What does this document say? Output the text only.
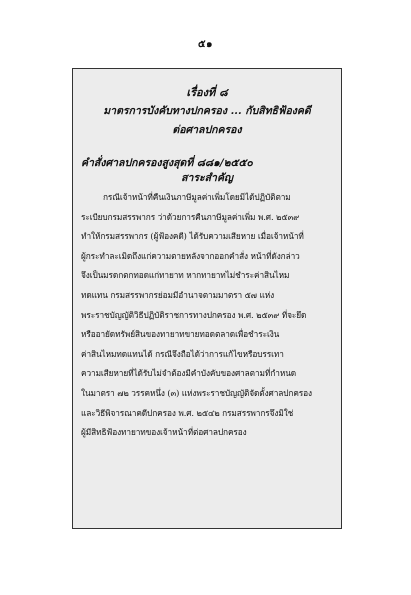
๕๑
เรื่องที่ ๘
มาตรการบังคับทางปกครอง ... กับสิทธิฟ้องคดี
ต่อศาลปกครอง
คำสั่งศาลปกครองสูงสุดที่ ๘๘๑/๒๕๕๐
สาระสำคัญ
กรณีเจ้าหน้าที่คืนเงินภาษีมูลค่าเพิ่มโดยมิได้ปฏิบัติตาม
ระเบียบกรมสรรพากร ว่าด้วยการคืนภาษีมูลค่าเพิ่ม พ.ศ. ๒๕๓๙
ทำให้กรมสรรพากร (ผู้ฟ้องคดี) ได้รับความเสียหาย เมื่อเจ้าหน้าที่
ผู้กระทำละเมิดถึงแก่ความตายหลังจากออกคำสั่ง หน้าที่ดังกล่าว
จึงเป็นมรดกตกทอดแก่ทายาท หากทายาทไม่ชำระค่าสินไหม
ทดแทน กรมสรรพากรย่อมมีอำนาจตามมาตรา ๕๗ แห่ง
พระราชบัญญัติวิธีปฏิบัติราชการทางปกครอง พ.ศ. ๒๕๓๙ ที่จะยึด
หรืออายัดทรัพย์สินของทายาทขายทอดตลาดเพื่อชำระเงิน
ค่าสินไหมทดแทนได้ กรณีจึงถือได้ว่าการแก้ไขหรือบรรเทา
ความเสียหายที่ได้รับไม่จำต้องมีคำบังคับของศาลตามที่กำหนด
ในมาตรา ๗๒ วรรคหนึ่ง (๓) แห่งพระราชบัญญัติจัดตั้งศาลปกครอง
และวิธีพิจารณาคดีปกครอง พ.ศ. ๒๕๔๒ กรมสรรพากรจึงมิใช่
ผู้มีสิทธิฟ้องทายาทของเจ้าหน้าที่ต่อศาลปกครอง
